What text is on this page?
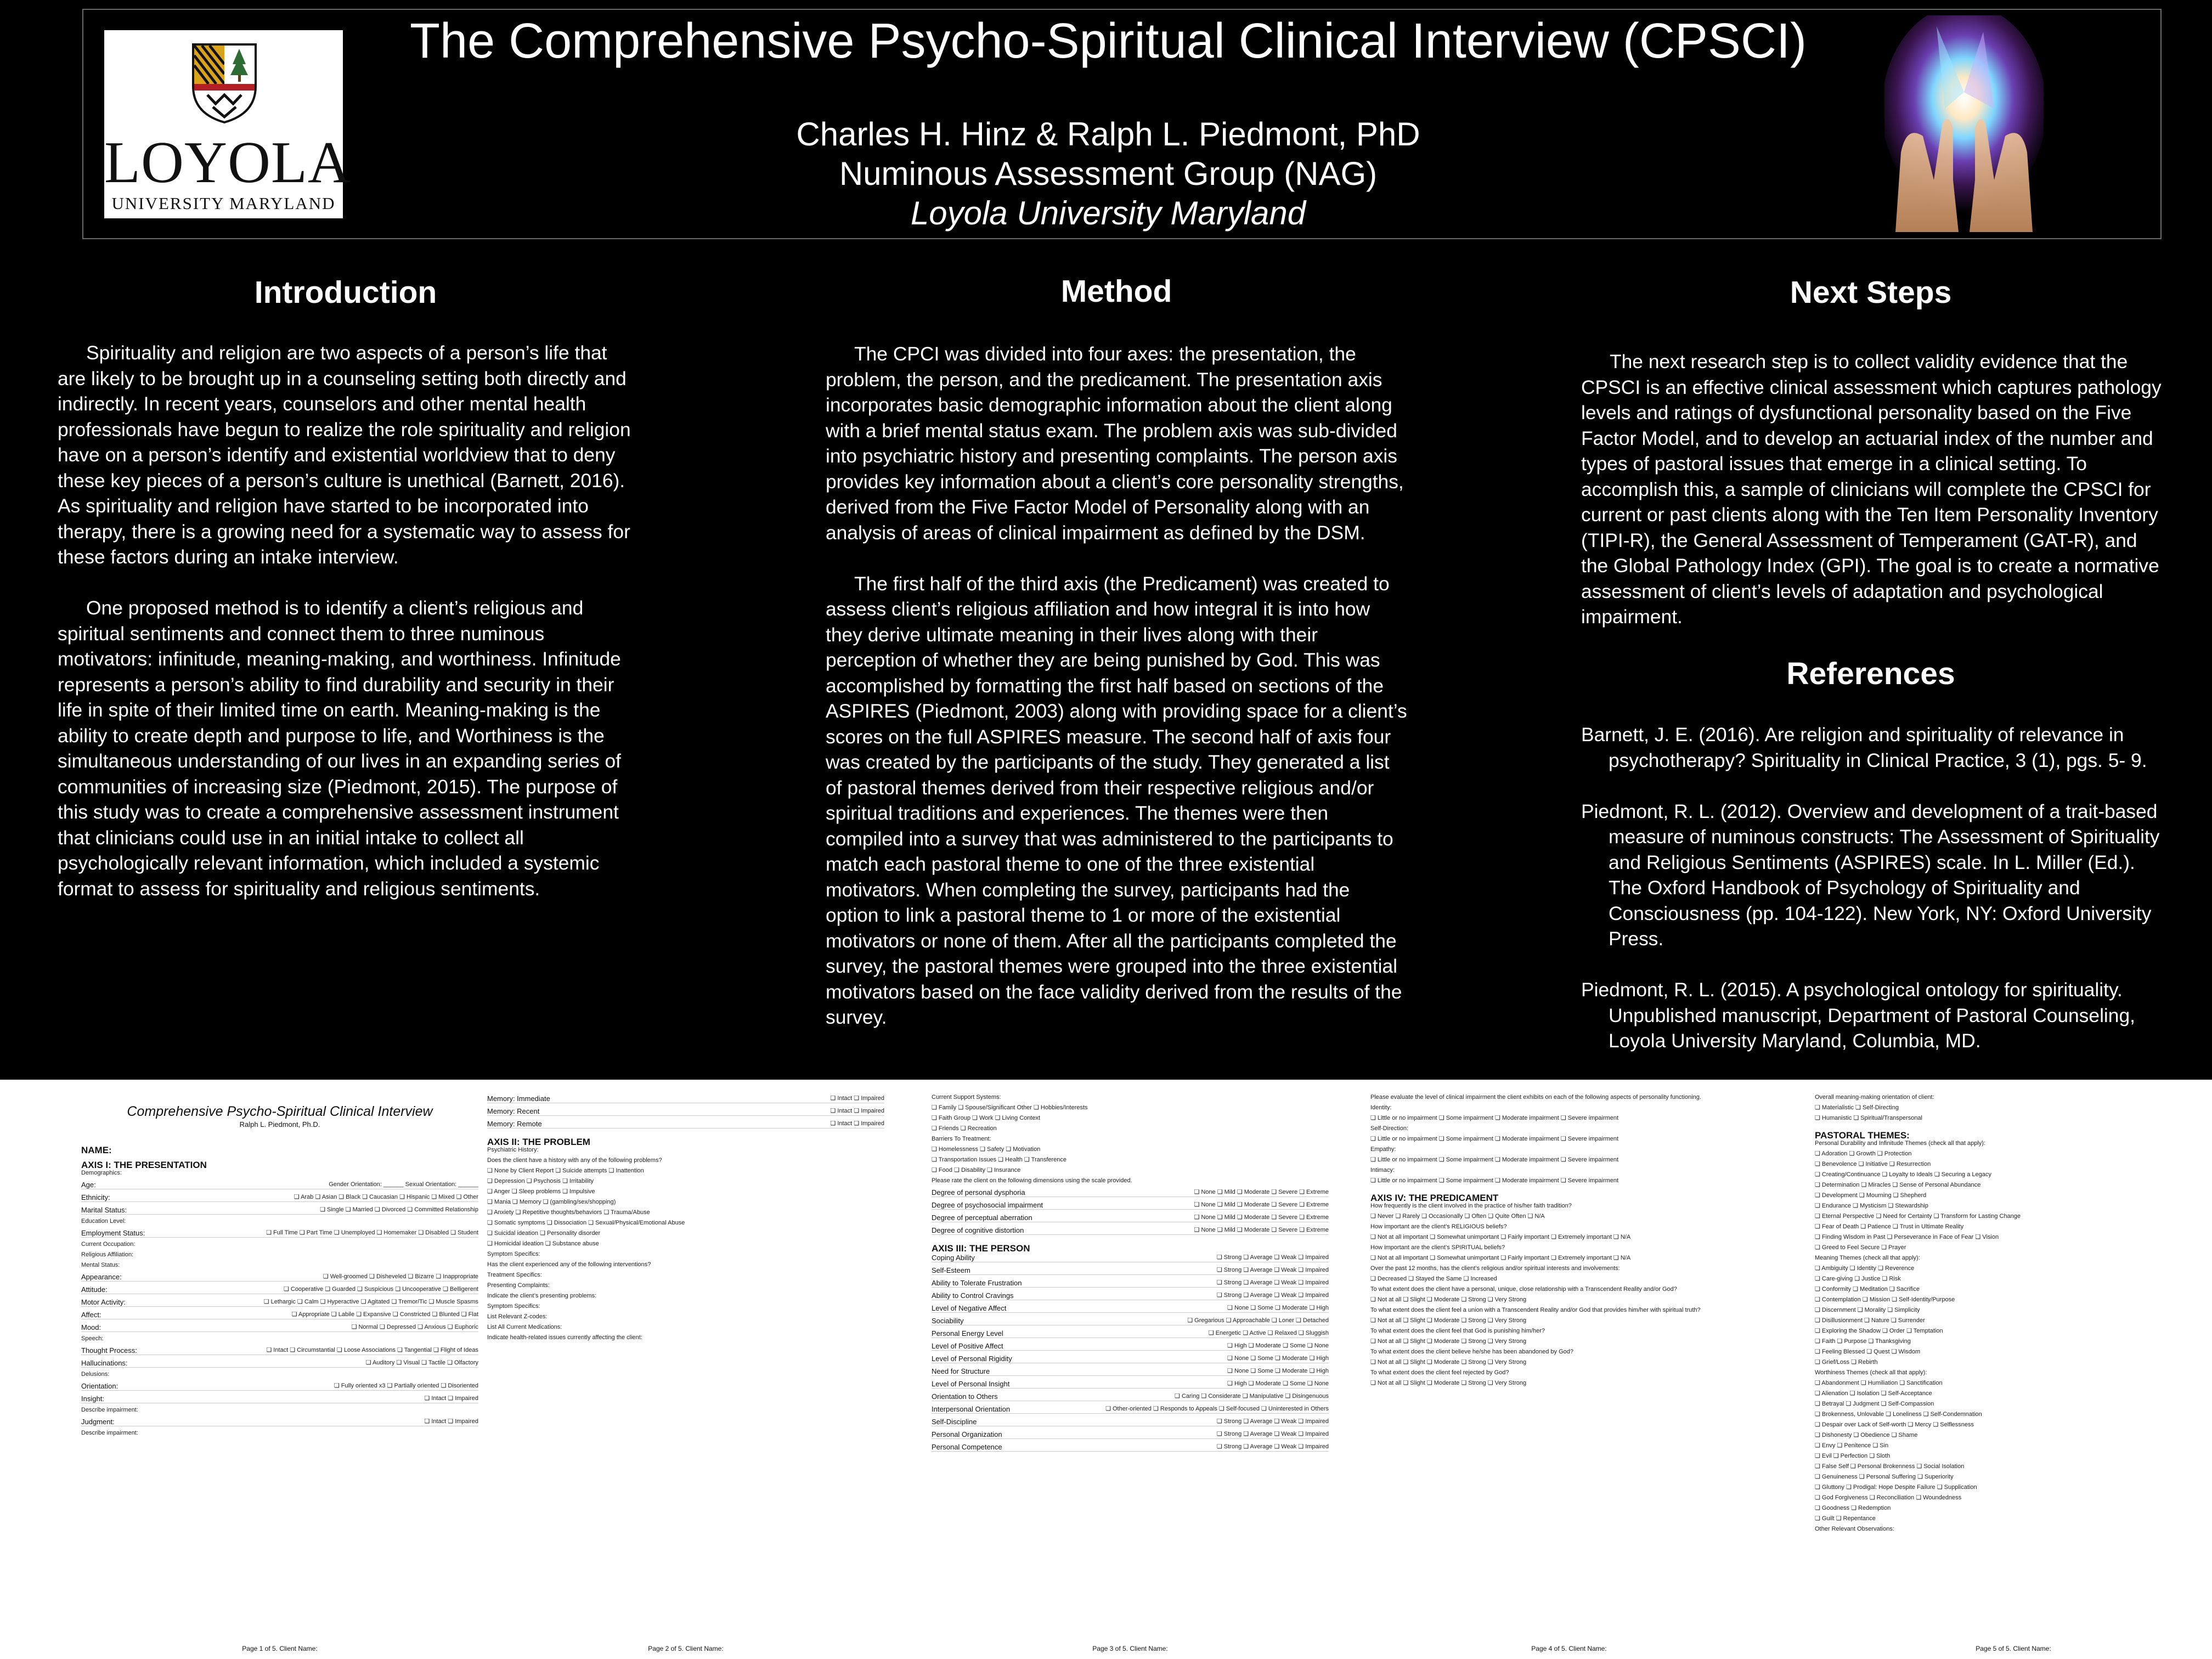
LOYOLA
UNIVERSITY MARYLAND
The Comprehensive Psycho-Spiritual Clinical Interview (CPSCI)
Charles H. Hinz & Ralph L. Piedmont, PhD
Numinous Assessment Group (NAG)
Loyola University Maryland
Introduction

Spirituality and religion are two aspects of a person’s life that are likely to be brought up in a counseling setting both directly and indirectly. In recent years, counselors and other mental health professionals have begun to realize the role spirituality and religion have on a person’s identify and existential worldview that to deny these key pieces of a person’s culture is unethical (Barnett, 2016). As spirituality and religion have started to be incorporated into therapy, there is a growing need for a systematic way to assess for these factors during an intake interview.

One proposed method is to identify a client’s religious and spiritual sentiments and connect them to three numinous motivators: infinitude, meaning-making, and worthiness. Infinitude represents a person’s ability to find durability and security in their life in spite of their limited time on earth. Meaning-making is the ability to create depth and purpose to life, and Worthiness is the simultaneous understanding of our lives in an expanding series of communities of increasing size (Piedmont, 2015). The purpose of this study was to create a comprehensive assessment instrument that clinicians could use in an initial intake to collect all psychologically relevant information, which included a systemic format to assess for spirituality and religious sentiments.

Method

The CPCI was divided into four axes: the presentation, the problem, the person, and the predicament. The presentation axis incorporates basic demographic information about the client along with a brief mental status exam. The problem axis was sub-divided into psychiatric history and presenting complaints. The person axis provides key information about a client’s core personality strengths, derived from the Five Factor Model of Personality along with an analysis of areas of clinical impairment as defined by the DSM.

The first half of the third axis (the Predicament) was created to assess client’s religious affiliation and how integral it is into how they derive ultimate meaning in their lives along with their perception of whether they are being punished by God. This was accomplished by formatting the first half based on sections of the ASPIRES (Piedmont, 2003) along with providing space for a client’s scores on the full ASPIRES measure. The second half of axis four was created by the participants of the study. They generated a list of pastoral themes derived from their respective religious and/or spiritual traditions and experiences. The themes were then compiled into a survey that was administered to the participants to match each pastoral theme to one of the three existential motivators. When completing the survey, participants had the option to link a pastoral theme to 1 or more of the existential motivators or none of them. After all the participants completed the survey, the pastoral themes were grouped into the three existential motivators based on the face validity derived from the results of the survey.

Next Steps

The next research step is to collect validity evidence that the CPSCI is an effective clinical assessment which captures pathology levels and ratings of dysfunctional personality based on the Five Factor Model, and to develop an actuarial index of the number and types of pastoral issues that emerge in a clinical setting. To accomplish this, a sample of clinicians will complete the CPSCI for current or past clients along with the Ten Item Personality Inventory (TIPI-R), the General Assessment of Temperament (GAT-R), and the Global Pathology Index (GPI). The goal is to create a normative assessment of client’s levels of adaptation and psychological impairment.

References

Barnett, J. E. (2016). Are religion and spirituality of relevance in psychotherapy? Spirituality in Clinical Practice, 3 (1), pgs. 5- 9.

Piedmont, R. L. (2012). Overview and development of a trait-based measure of numinous constructs: The Assessment of Spirituality and Religious Sentiments (ASPIRES) scale. In L. Miller (Ed.). The Oxford Handbook of Psychology of Spirituality and Consciousness (pp. 104-122). New York, NY: Oxford University Press.

Piedmont, R. L. (2015). A psychological ontology for spirituality. Unpublished manuscript, Department of Pastoral Counseling, Loyola University Maryland, Columbia, MD.

Comprehensive Psycho-Spiritual Clinical Interview
Ralph L. Piedmont, Ph.D.
NAME:
AXIS I: THE PRESENTATION
Demographics:
Age:	Gender Orientation: ______ Sexual Orientation: ______
Ethnicity:	❏ Arab ❏ Asian ❏ Black ❏ Caucasian ❏ Hispanic ❏ Mixed ❏ Other
Marital Status:	❏ Single ❏ Married ❏ Divorced ❏ Committed Relationship
Education Level:
Employment Status:	❏ Full Time ❏ Part Time ❏ Unemployed ❏ Homemaker ❏ Disabled ❏ Student
Current Occupation:
Religious Affiliation:
Mental Status:
Appearance:	❏ Well-groomed ❏ Disheveled ❏ Bizarre ❏ Inappropriate
Attitude:	❏ Cooperative ❏ Guarded ❏ Suspicious ❏ Uncooperative ❏ Belligerent
Motor Activity:	❏ Lethargic ❏ Calm ❏ Hyperactive ❏ Agitated ❏ Tremor/Tic ❏ Muscle Spasms
Affect:	❏ Appropriate ❏ Labile ❏ Expansive ❏ Constricted ❏ Blunted ❏ Flat
Mood:	❏ Normal ❏ Depressed ❏ Anxious ❏ Euphoric
Speech:
Thought Process:	❏ Intact ❏ Circumstantial ❏ Loose Associations ❏ Tangential ❏ Flight of Ideas
Hallucinations:	❏ Auditory ❏ Visual ❏ Tactile ❏ Olfactory
Delusions:
Orientation:	❏ Fully oriented x3 ❏ Partially oriented ❏ Disoriented
Insight:	❏ Intact ❏ Impaired
Describe impairment:
Judgment:	❏ Intact ❏ Impaired
Describe impairment:
Page 1 of 5. Client Name:
Memory: Immediate	❏ Intact ❏ Impaired
Memory: Recent	❏ Intact ❏ Impaired
Memory: Remote	❏ Intact ❏ Impaired
AXIS II: THE PROBLEM
Psychiatric History:
Does the client have a history with any of the following problems?
❏ None by Client Report ❏ Suicide attempts ❏ Inattention
❏ Depression ❏ Psychosis ❏ Irritability
❏ Anger ❏ Sleep problems ❏ Impulsive
❏ Mania ❏ Memory ❏ (gambling/sex/shopping)
❏ Anxiety ❏ Repetitive thoughts/behaviors ❏ Trauma/Abuse
❏ Somatic symptoms ❏ Dissociation ❏ Sexual/Physical/Emotional Abuse
❏ Suicidal ideation ❏ Personality disorder
❏ Homicidal ideation ❏ Substance abuse
Symptom Specifics:
Has the client experienced any of the following interventions?
Treatment Specifics:
Presenting Complaints:
Indicate the client’s presenting problems:
Symptom Specifics:
List Relevant Z-codes:
List All Current Medications:
Indicate health-related issues currently affecting the client:
Page 2 of 5. Client Name:
Current Support Systems:
❏ Family ❏ Spouse/Significant Other ❏ Hobbies/Interests
❏ Faith Group ❏ Work ❏ Living Context
❏ Friends ❏ Recreation
Barriers To Treatment:
❏ Homelessness ❏ Safety ❏ Motivation
❏ Transportation Issues ❏ Health ❏ Transference
❏ Food ❏ Disability ❏ Insurance
Please rate the client on the following dimensions using the scale provided.
Degree of personal dysphoria	❏ None ❏ Mild ❏ Moderate ❏ Severe ❏ Extreme
Degree of psychosocial impairment	❏ None ❏ Mild ❏ Moderate ❏ Severe ❏ Extreme
Degree of perceptual aberration	❏ None ❏ Mild ❏ Moderate ❏ Severe ❏ Extreme
Degree of cognitive distortion	❏ None ❏ Mild ❏ Moderate ❏ Severe ❏ Extreme
AXIS III: THE PERSON
Coping Ability	❏ Strong ❏ Average ❏ Weak ❏ Impaired
Self-Esteem	❏ Strong ❏ Average ❏ Weak ❏ Impaired
Ability to Tolerate Frustration	❏ Strong ❏ Average ❏ Weak ❏ Impaired
Ability to Control Cravings	❏ Strong ❏ Average ❏ Weak ❏ Impaired
Level of Negative Affect	❏ None ❏ Some ❏ Moderate ❏ High
Sociability	❏ Gregarious ❏ Approachable ❏ Loner ❏ Detached
Personal Energy Level	❏ Energetic ❏ Active ❏ Relaxed ❏ Sluggish
Level of Positive Affect	❏ High ❏ Moderate ❏ Some ❏ None
Level of Personal Rigidity	❏ None ❏ Some ❏ Moderate ❏ High
Need for Structure	❏ None ❏ Some ❏ Moderate ❏ High
Level of Personal Insight	❏ High ❏ Moderate ❏ Some ❏ None
Orientation to Others	❏ Caring ❏ Considerate ❏ Manipulative ❏ Disingenuous
Interpersonal Orientation	❏ Other-oriented ❏ Responds to Appeals ❏ Self-focused ❏ Uninterested in Others
Self-Discipline	❏ Strong ❏ Average ❏ Weak ❏ Impaired
Personal Organization	❏ Strong ❏ Average ❏ Weak ❏ Impaired
Personal Competence	❏ Strong ❏ Average ❏ Weak ❏ Impaired
Page 3 of 5. Client Name:
Please evaluate the level of clinical impairment the client exhibits on each of the following aspects of personality functioning.
Identity:
❏ Little or no impairment ❏ Some impairment ❏ Moderate impairment ❏ Severe impairment
Self-Direction:
❏ Little or no impairment ❏ Some impairment ❏ Moderate impairment ❏ Severe impairment
Empathy:
❏ Little or no impairment ❏ Some impairment ❏ Moderate impairment ❏ Severe impairment
Intimacy:
❏ Little or no impairment ❏ Some impairment ❏ Moderate impairment ❏ Severe impairment
AXIS IV: THE PREDICAMENT
How frequently is the client involved in the practice of his/her faith tradition?
❏ Never ❏ Rarely ❏ Occasionally ❏ Often ❏ Quite Often ❏ N/A
How important are the client’s RELIGIOUS beliefs?
❏ Not at all important ❏ Somewhat unimportant ❏ Fairly important ❏ Extremely important ❏ N/A
How important are the client’s SPIRITUAL beliefs?
❏ Not at all important ❏ Somewhat unimportant ❏ Fairly important ❏ Extremely important ❏ N/A
Over the past 12 months, has the client’s religious and/or spiritual interests and involvements:
❏ Decreased ❏ Stayed the Same ❏ Increased
To what extent does the client have a personal, unique, close relationship with a Transcendent Reality and/or God?
❏ Not at all ❏ Slight ❏ Moderate ❏ Strong ❏ Very Strong
To what extent does the client feel a union with a Transcendent Reality and/or God that provides him/her with spiritual truth?
❏ Not at all ❏ Slight ❏ Moderate ❏ Strong ❏ Very Strong
To what extent does the client feel that God is punishing him/her?
❏ Not at all ❏ Slight ❏ Moderate ❏ Strong ❏ Very Strong
To what extent does the client believe he/she has been abandoned by God?
❏ Not at all ❏ Slight ❏ Moderate ❏ Strong ❏ Very Strong
To what extent does the client feel rejected by God?
❏ Not at all ❏ Slight ❏ Moderate ❏ Strong ❏ Very Strong
Page 4 of 5. Client Name:
Overall meaning-making orientation of client:
❏ Materialistic ❏ Self-Directing
❏ Humanistic ❏ Spiritual/Transpersonal
PASTORAL THEMES:
Personal Durability and Infinitude Themes (check all that apply):
❏ Adoration ❏ Growth ❏ Protection
❏ Benevolence ❏ Initiative ❏ Resurrection
❏ Creating/Continuance ❏ Loyalty to Ideals ❏ Securing a Legacy
❏ Determination ❏ Miracles ❏ Sense of Personal Abundance
❏ Development ❏ Mourning ❏ Shepherd
❏ Endurance ❏ Mysticism ❏ Stewardship
❏ Eternal Perspective ❏ Need for Certainty ❏ Transform for Lasting Change
❏ Fear of Death ❏ Patience ❏ Trust in Ultimate Reality
❏ Finding Wisdom in Past ❏ Perseverance in Face of Fear ❏ Vision
❏ Greed to Feel Secure ❏ Prayer
Meaning Themes (check all that apply):
❏ Ambiguity ❏ Identity ❏ Reverence
❏ Care-giving ❏ Justice ❏ Risk
❏ Conformity ❏ Meditation ❏ Sacrifice
❏ Contemplation ❏ Mission ❏ Self-Identity/Purpose
❏ Discernment ❏ Morality ❏ Simplicity
❏ Disillusionment ❏ Nature ❏ Surrender
❏ Exploring the Shadow ❏ Order ❏ Temptation
❏ Faith ❏ Purpose ❏ Thanksgiving
❏ Feeling Blessed ❏ Quest ❏ Wisdom
❏ Grief/Loss ❏ Rebirth
Worthiness Themes (check all that apply):
❏ Abandonment ❏ Humiliation ❏ Sanctification
❏ Alienation ❏ Isolation ❏ Self-Acceptance
❏ Betrayal ❏ Judgment ❏ Self-Compassion
❏ Brokenness, Unlovable ❏ Loneliness ❏ Self-Condemnation
❏ Despair over Lack of Self-worth ❏ Mercy ❏ Selflessness
❏ Dishonesty ❏ Obedience ❏ Shame
❏ Envy ❏ Penitence ❏ Sin
❏ Evil ❏ Perfection ❏ Sloth
❏ False Self ❏ Personal Brokenness ❏ Social Isolation
❏ Genuineness ❏ Personal Suffering ❏ Superiority
❏ Gluttony ❏ Prodigal: Hope Despite Failure ❏ Supplication
❏ God Forgiveness ❏ Reconciliation ❏ Woundedness
❏ Goodness ❏ Redemption
❏ Guilt ❏ Repentance
Other Relevant Observations:
Page 5 of 5. Client Name:
